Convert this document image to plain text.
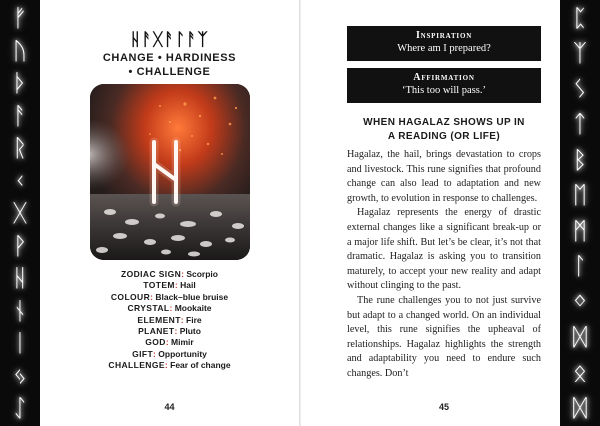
ᚠ
ᚢ
ᚦ
ᚨ
ᚱ
ᚲ
ᚷ
ᚹ
ᚺ
ᚾ
ᛁ
ᛃ
ᛇ
ᛈ
ᛉ
ᛊ
ᛏ
ᛒ
ᛖ
ᛗ
ᛚ
ᛜ
ᛞ
ᛟ
ᛞ
ᚺᚨᚷᚨᛚᚨᛉ
CHANGE • HARDINESS
• CHALLENGE
ZODIAC SIGN: Scorpio
TOTEM: Hail
COLOUR: Black–blue bruise
CRYSTAL: Mookaite
ELEMENT: Fire
PLANET: Pluto
GOD: Mimir
GIFT: Opportunity
CHALLENGE: Fear of change
44
Inspiration
Where am I prepared?
Affirmation
‘This too will pass.’
WHEN HAGALAZ SHOWS UP IN
A READING (OR LIFE)

Hagalaz, the hail, brings devastation to crops and livestock. This rune signifies that profound change can also lead to adaptation and new growth, to evolution in response to challenges.

Hagalaz represents the energy of drastic external changes like a significant break-up or a major life shift. But let’s be clear, it’s not that dramatic. Hagalaz is asking you to transition maturely, to accept your new reality and adapt without clinging to the past.

The rune challenges you to not just survive but adapt to a changed world. On an individual level, this rune signifies the upheaval of relationships. Hagalaz highlights the strength and adaptability you need to endure such changes. Don’t

45
